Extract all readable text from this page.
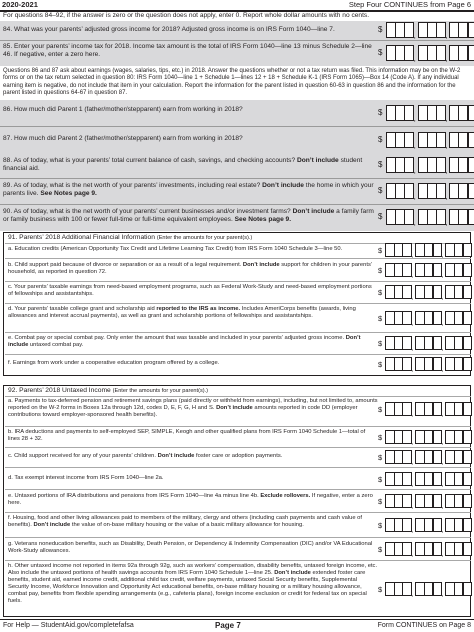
2020-2021	Step Four CONTINUES from Page 6
For questions 84–92, if the answer is zero or the question does not apply, enter 0. Report whole dollar amounts with no cents.
84. What was your parents’ adjusted gross income for 2018? Adjusted gross income is on IRS Form 1040—line 7.	$
,
,
85. Enter your parents’ income tax for 2018. Income tax amount is the total of IRS Form 1040—line 13 minus Schedule 2—line 46. If negative, enter a zero here.	$
,
,
Questions 86 and 87 ask about earnings (wages, salaries, tips, etc.) in 2018. Answer the questions whether or not a tax return was filed. This information may be on the W-2 forms or on the tax return selected in question 80: IRS Form 1040—line 1 + Schedule 1—lines 12 + 18 + Schedule K-1 (IRS Form 1065)—Box 14 (Code A). If any individual earning item is negative, do not include that item in your calculation. Report the information for the parent listed in question 60-63 in question 86 and the information for the parent listed in questions 64-67 in question 87.
86. How much did Parent 1 (father/mother/stepparent) earn from working in 2018?	$
,
,
87. How much did Parent 2 (father/mother/stepparent) earn from working in 2018?	$
,
,
88. As of today, what is your parents’ total current balance of cash, savings, and checking accounts? Don’t include student financial aid.	$
,
,
89. As of today, what is the net worth of your parents’ investments, including real estate? Don’t include the home in which your parents live. See Notes page 9.	$
,
,
90. As of today, what is the net worth of your parents’ current businesses and/or investment farms? Don’t include a family farm or family business with 100 or fewer full-time or full-time equivalent employees. See Notes page 9.	$
,
,
91. Parents’ 2018 Additional Financial Information (Enter the amounts for your parent(s).)
a. Education credits (American Opportunity Tax Credit and Lifetime Learning Tax Credit) from IRS Form 1040 Schedule 3—line 50.	$
,
,
b. Child support paid because of divorce or separation or as a result of a legal requirement. Don’t include support for children in your parents’ household, as reported in question 72.	$
,
,
c. Your parents’ taxable earnings from need-based employment programs, such as Federal Work-Study and need-based employment portions of fellowships and assistantships.	$
,
,
d. Your parents’ taxable college grant and scholarship aid reported to the IRS as income. Includes AmeriCorps benefits (awards, living allowances and interest accrual payments), as well as grant and scholarship portions of fellowships and assistantships.	$
,
,
e. Combat pay or special combat pay. Only enter the amount that was taxable and included in your parents’ adjusted gross income. Don’t include untaxed combat pay.	$
,
,
f. Earnings from work under a cooperative education program offered by a college.	$
,
,
92. Parents’ 2018 Untaxed Income (Enter the amounts for your parent(s).)
a. Payments to tax-deferred pension and retirement savings plans (paid directly or withheld from earnings), including, but not limited to, amounts reported on the W-2 forms in Boxes 12a through 12d, codes D, E, F, G, H and S. Don’t include amounts reported in code DD (employer contributions toward employer-sponsored health benefits).
$
,
,
b. IRA deductions and payments to self-employed SEP, SIMPLE, Keogh and other qualified plans from IRS Form 1040 Schedule 1—total of lines 28 + 32.	$
,
,
c. Child support received for any of your parents’ children. Don’t include foster care or adoption payments.	$
,
,
d. Tax exempt interest income from IRS Form 1040—line 2a.	$
,
,
e. Untaxed portions of IRA distributions and pensions from IRS Form 1040—line 4a minus line 4b. Exclude rollovers. If negative, enter a zero here.	$
,
,
f. Housing, food and other living allowances paid to members of the military, clergy and others (including cash payments and cash value of benefits). Don’t include the value of on-base military housing or the value of a basic military allowance for housing.	$
,
,
g. Veterans noneducation benefits, such as Disability, Death Pension, or Dependency & Indemnity Compensation (DIC) and/or VA Educational Work-Study allowances.	$
,
,
h. Other untaxed income not reported in items 92a through 92g, such as workers’ compensation, disability benefits, untaxed foreign income, etc. Also include the untaxed portions of health savings accounts from IRS Form 1040 Schedule 1—line 25. Don’t include extended foster care benefits, student aid, earned income credit, additional child tax credit, welfare payments, untaxed Social Security benefits, Supplemental Security Income, Workforce Innovation and Opportunity Act educational benefits, on-base military housing or a military housing allowance, combat pay, benefits from flexible spending arrangements (e.g., cafeteria plans), foreign income exclusion or credit for federal tax on special fuels.
$
,
,
For Help — StudentAid.gov/completefafsa	Page 7	Form CONTINUES on Page 8
